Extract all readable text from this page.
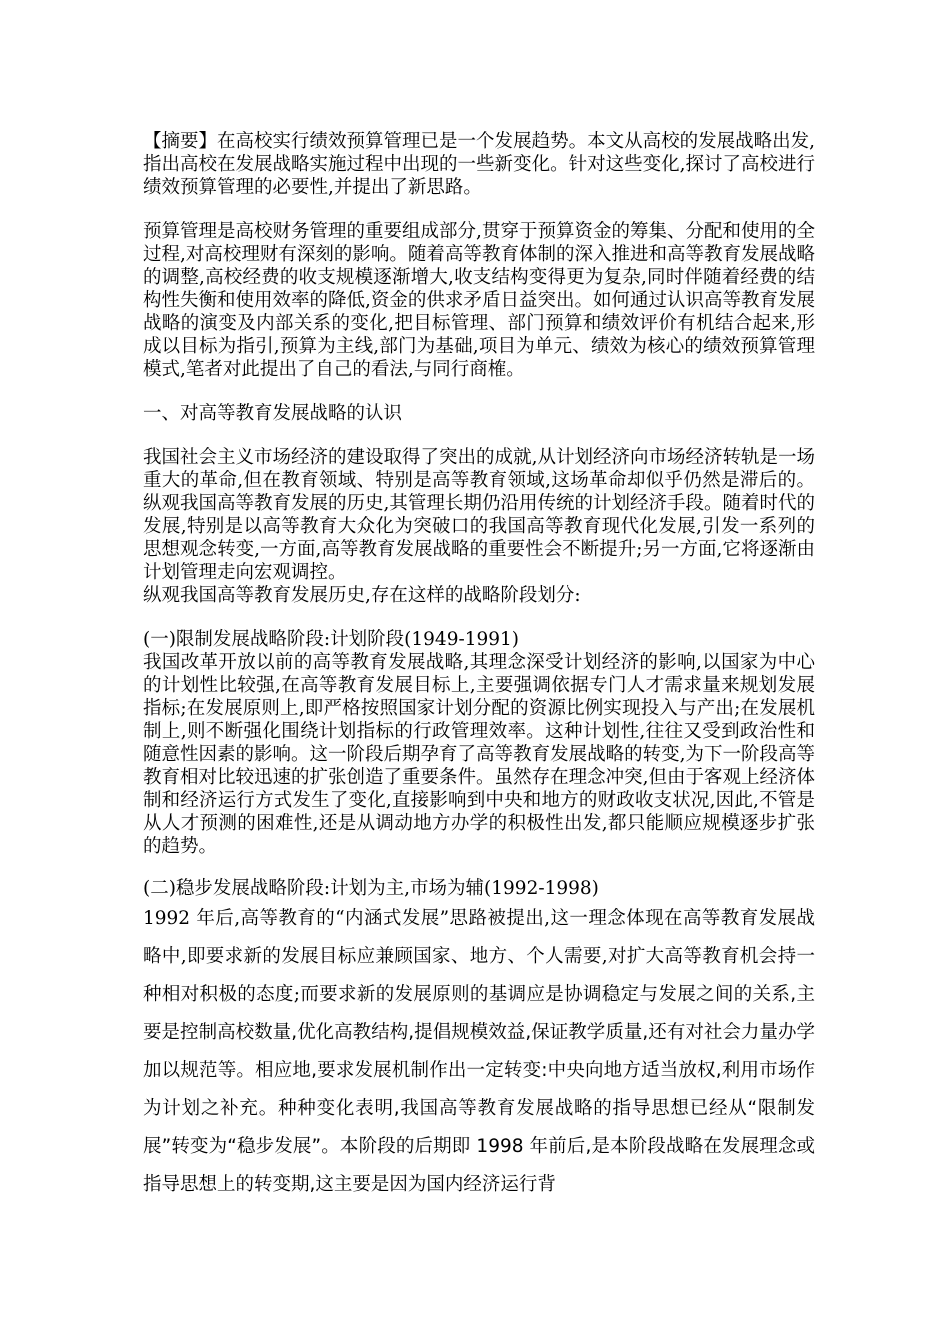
【摘要】在高校实行绩效预算管理已是一个发展趋势。本文从高校的发展战略出发,指出高校在发展战略实施过程中出现的一些新变化。针对这些变化,探讨了高校进行绩效预算管理的必要性,并提出了新思路。

预算管理是高校财务管理的重要组成部分,贯穿于预算资金的筹集、分配和使用的全过程,对高校理财有深刻的影响。随着高等教育体制的深入推进和高等教育发展战略的调整,高校经费的收支规模逐渐增大,收支结构变得更为复杂,同时伴随着经费的结构性失衡和使用效率的降低,资金的供求矛盾日益突出。如何通过认识高等教育发展战略的演变及内部关系的变化,把目标管理、部门预算和绩效评价有机结合起来,形成以目标为指引,预算为主线,部门为基础,项目为单元、绩效为核心的绩效预算管理模式,笔者对此提出了自己的看法,与同行商榷。

一、对高等教育发展战略的认识

我国社会主义市场经济的建设取得了突出的成就,从计划经济向市场经济转轨是一场重大的革命,但在教育领域、特别是高等教育领域,这场革命却似乎仍然是滞后的。纵观我国高等教育发展的历史,其管理长期仍沿用传统的计划经济手段。随着时代的发展,特别是以高等教育大众化为突破口的我国高等教育现代化发展,引发一系列的思想观念转变,一方面,高等教育发展战略的重要性会不断提升;另一方面,它将逐渐由计划管理走向宏观调控。

纵观我国高等教育发展历史,存在这样的战略阶段划分:

(一)限制发展战略阶段:计划阶段(1949-1991)

我国改革开放以前的高等教育发展战略,其理念深受计划经济的影响,以国家为中心的计划性比较强,在高等教育发展目标上,主要强调依据专门人才需求量来规划发展指标;在发展原则上,即严格按照国家计划分配的资源比例实现投入与产出;在发展机制上,则不断强化围绕计划指标的行政管理效率。这种计划性,往往又受到政治性和随意性因素的影响。这一阶段后期孕育了高等教育发展战略的转变,为下一阶段高等教育相对比较迅速的扩张创造了重要条件。虽然存在理念冲突,但由于客观上经济体制和经济运行方式发生了变化,直接影响到中央和地方的财政收支状况,因此,不管是从人才预测的困难性,还是从调动地方办学的积极性出发,都只能顺应规模逐步扩张的趋势。

(二)稳步发展战略阶段:计划为主,市场为辅(1992-1998)

1992 年后,高等教育的“内涵式发展”思路被提出,这一理念体现在高等教育发展战略中,即要求新的发展目标应兼顾国家、地方、个人需要,对扩大高等教育机会持一种相对积极的态度;而要求新的发展原则的基调应是协调稳定与发展之间的关系,主要是控制高校数量,优化高教结构,提倡规模效益,保证教学质量,还有对社会力量办学加以规范等。相应地,要求发展机制作出一定转变:中央向地方适当放权,利用市场作为计划之补充。种种变化表明,我国高等教育发展战略的指导思想已经从“限制发展”转变为“稳步发展”。本阶段的后期即 1998 年前后,是本阶段战略在发展理念或指导思想上的转变期,这主要是因为国内经济运行背
